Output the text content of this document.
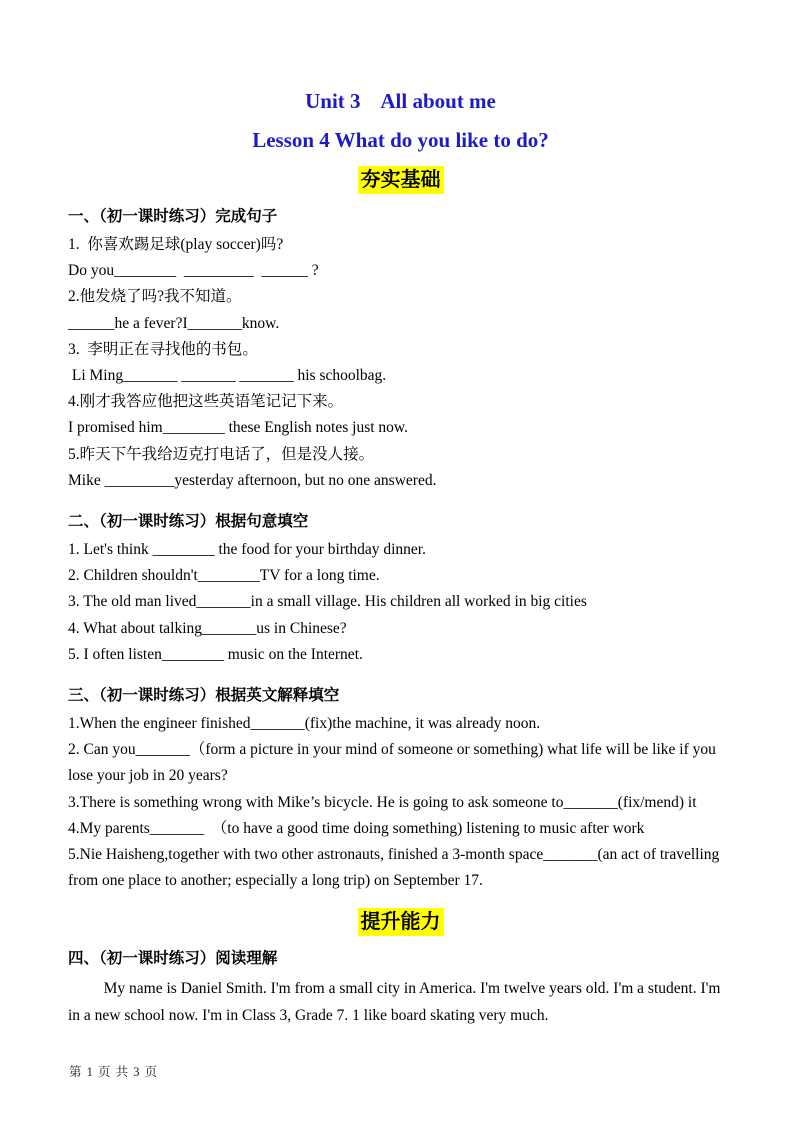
Unit 3    All about me
Lesson 4 What do you like to do?
夯实基础
一、（初一课时练习）完成句子
1.  你喜欢踢足球(play soccer)吗?
Do you________  _________  ______ ?
2.他发烧了吗?我不知道。
______he a fever?I_______know.
3.  李明正在寻找他的书包。
Li Ming_______ _______ _______ his schoolbag.
4.刚才我答应他把这些英语笔记记下来。
I promised him________ these English notes just now.
5.昨天下午我给迈克打电话了，但是没人接。
Mike _________yesterday afternoon, but no one answered.
二、（初一课时练习）根据句意填空
1. Let's think ________ the food for your birthday dinner.
2. Children shouldn't________TV for a long time.
3. The old man lived_______in a small village. His children all worked in big cities
4. What about talking_______us in Chinese?
5. I often listen________ music on the Internet.
三、（初一课时练习）根据英文解释填空
1.When the engineer finished_______(fix)the machine, it was already noon.
2. Can you_______（form a picture in your mind of someone or something) what life will be like if you lose your job in 20 years?
3.There is something wrong with Mike’s bicycle. He is going to ask someone to_______(fix/mend) it
4.My parents_______　（to have a good time doing something) listening to music after work
5.Nie Haisheng,together with two other astronauts, finished a 3-month space_______(an act of travelling from one place to another; especially a long trip) on September 17.
提升能力
四、（初一课时练习）阅读理解

My name is Daniel Smith. I'm from a small city in America. I'm twelve years old. I'm a student. I'm in a new school now. I'm in Class 3, Grade 7. 1 like board skating very much.

第 1 页 共 3 页
